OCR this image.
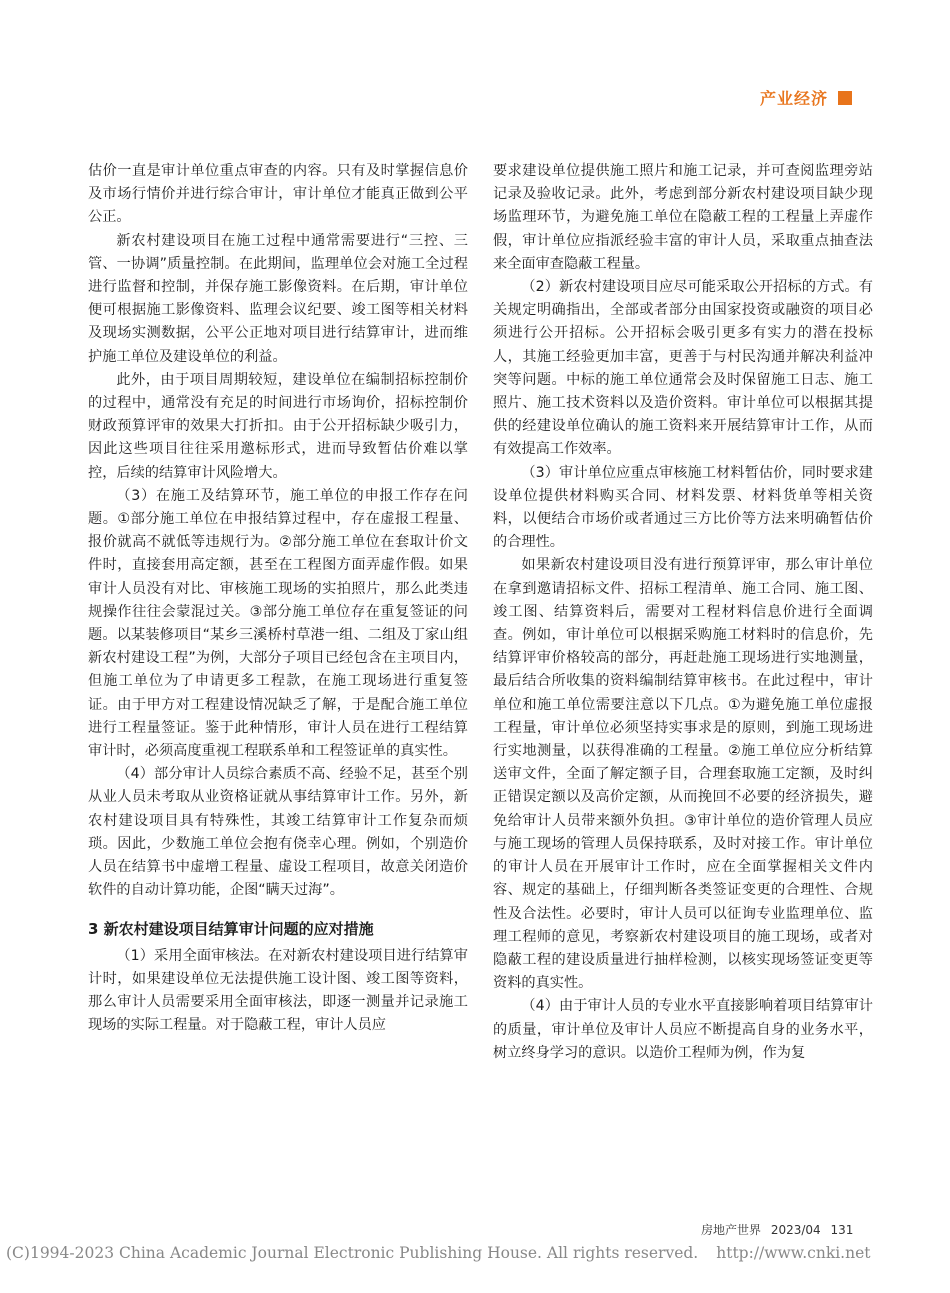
产业经济

估价一直是审计单位重点审查的内容。只有及时掌握信息价及市场行情价并进行综合审计，审计单位才能真正做到公平公正。

新农村建设项目在施工过程中通常需要进行“三控、三管、一协调”质量控制。在此期间，监理单位会对施工全过程进行监督和控制，并保存施工影像资料。在后期，审计单位便可根据施工影像资料、监理会议纪要、竣工图等相关材料及现场实测数据，公平公正地对项目进行结算审计，进而维护施工单位及建设单位的利益。

此外，由于项目周期较短，建设单位在编制招标控制价的过程中，通常没有充足的时间进行市场询价，招标控制价财政预算评审的效果大打折扣。由于公开招标缺少吸引力，因此这些项目往往采用邀标形式，进而导致暂估价难以掌控，后续的结算审计风险增大。

（3）在施工及结算环节，施工单位的申报工作存在问题。①部分施工单位在申报结算过程中，存在虚报工程量、报价就高不就低等违规行为。②部分施工单位在套取计价文件时，直接套用高定额，甚至在工程图方面弄虚作假。如果审计人员没有对比、审核施工现场的实拍照片，那么此类违规操作往往会蒙混过关。③部分施工单位存在重复签证的问题。以某装修项目“某乡三溪桥村草港一组、二组及丁家山组新农村建设工程”为例，大部分子项目已经包含在主项目内，但施工单位为了申请更多工程款，在施工现场进行重复签证。由于甲方对工程建设情况缺乏了解，于是配合施工单位进行工程量签证。鉴于此种情形，审计人员在进行工程结算审计时，必须高度重视工程联系单和工程签证单的真实性。

（4）部分审计人员综合素质不高、经验不足，甚至个别从业人员未考取从业资格证就从事结算审计工作。另外，新农村建设项目具有特殊性，其竣工结算审计工作复杂而烦琐。因此，少数施工单位会抱有侥幸心理。例如，个别造价人员在结算书中虚增工程量、虚设工程项目，故意关闭造价软件的自动计算功能，企图“瞒天过海”。

3 新农村建设项目结算审计问题的应对措施

（1）采用全面审核法。在对新农村建设项目进行结算审计时，如果建设单位无法提供施工设计图、竣工图等资料，那么审计人员需要采用全面审核法，即逐一测量并记录施工现场的实际工程量。对于隐蔽工程，审计人员应

要求建设单位提供施工照片和施工记录，并可查阅监理旁站记录及验收记录。此外，考虑到部分新农村建设项目缺少现场监理环节，为避免施工单位在隐蔽工程的工程量上弄虚作假，审计单位应指派经验丰富的审计人员，采取重点抽查法来全面审查隐蔽工程量。

（2）新农村建设项目应尽可能采取公开招标的方式。有关规定明确指出，全部或者部分由国家投资或融资的项目必须进行公开招标。公开招标会吸引更多有实力的潜在投标人，其施工经验更加丰富，更善于与村民沟通并解决利益冲突等问题。中标的施工单位通常会及时保留施工日志、施工照片、施工技术资料以及造价资料。审计单位可以根据其提供的经建设单位确认的施工资料来开展结算审计工作，从而有效提高工作效率。

（3）审计单位应重点审核施工材料暂估价，同时要求建设单位提供材料购买合同、材料发票、材料货单等相关资料，以便结合市场价或者通过三方比价等方法来明确暂估价的合理性。

如果新农村建设项目没有进行预算评审，那么审计单位在拿到邀请招标文件、招标工程清单、施工合同、施工图、竣工图、结算资料后，需要对工程材料信息价进行全面调查。例如，审计单位可以根据采购施工材料时的信息价，先结算评审价格较高的部分，再赶赴施工现场进行实地测量，最后结合所收集的资料编制结算审核书。在此过程中，审计单位和施工单位需要注意以下几点。①为避免施工单位虚报工程量，审计单位必须坚持实事求是的原则，到施工现场进行实地测量，以获得准确的工程量。②施工单位应分析结算送审文件，全面了解定额子目，合理套取施工定额，及时纠正错误定额以及高价定额，从而挽回不必要的经济损失，避免给审计人员带来额外负担。③审计单位的造价管理人员应与施工现场的管理人员保持联系，及时对接工作。审计单位的审计人员在开展审计工作时，应在全面掌握相关文件内容、规定的基础上，仔细判断各类签证变更的合理性、合规性及合法性。必要时，审计人员可以征询专业监理单位、监理工程师的意见，考察新农村建设项目的施工现场，或者对隐蔽工程的建设质量进行抽样检测，以核实现场签证变更等资料的真实性。

（4）由于审计人员的专业水平直接影响着项目结算审计的质量，审计单位及审计人员应不断提高自身的业务水平，树立终身学习的意识。以造价工程师为例，作为复

房地产世界 2023/04 131
(C)1994-2023 China Academic Journal Electronic Publishing House. All rights reserved. http://www.cnki.net
